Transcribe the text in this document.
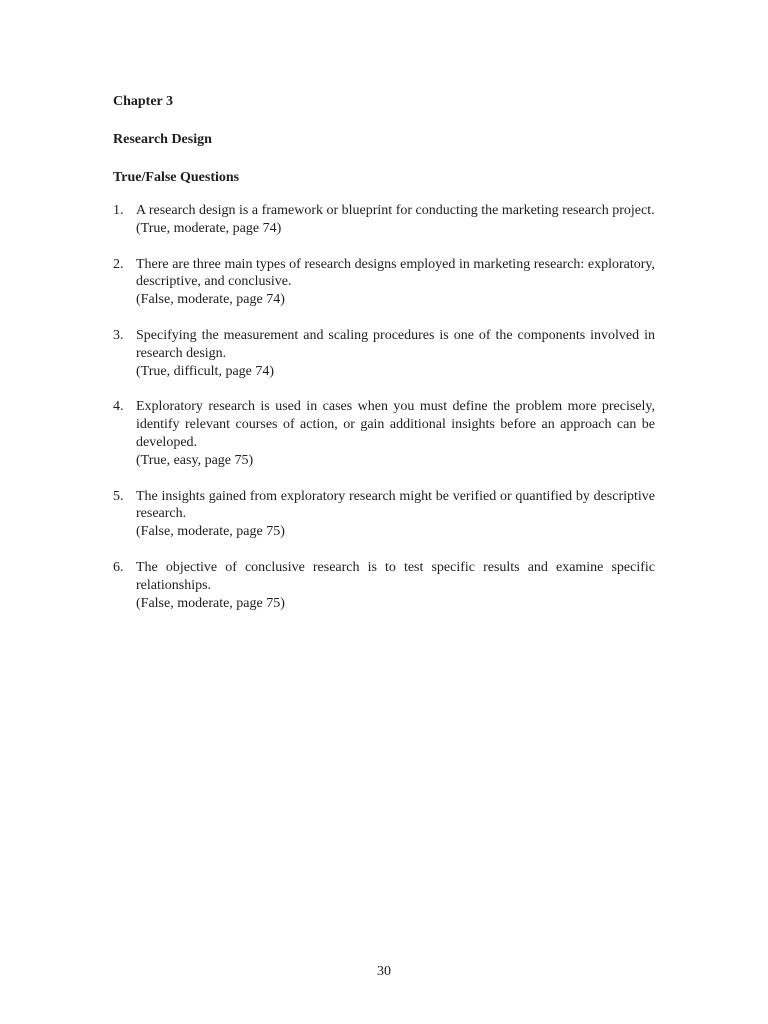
Chapter 3
Research Design
True/False Questions
1. A research design is a framework or blueprint for conducting the marketing research project.
(True, moderate, page 74)
2. There are three main types of research designs employed in marketing research: exploratory, descriptive, and conclusive.
(False, moderate, page 74)
3. Specifying the measurement and scaling procedures is one of the components involved in research design.
(True, difficult, page 74)
4. Exploratory research is used in cases when you must define the problem more precisely, identify relevant courses of action, or gain additional insights before an approach can be developed.
(True, easy, page 75)
5. The insights gained from exploratory research might be verified or quantified by descriptive research.
(False, moderate, page 75)
6. The objective of conclusive research is to test specific results and examine specific relationships.
(False, moderate, page 75)
30
